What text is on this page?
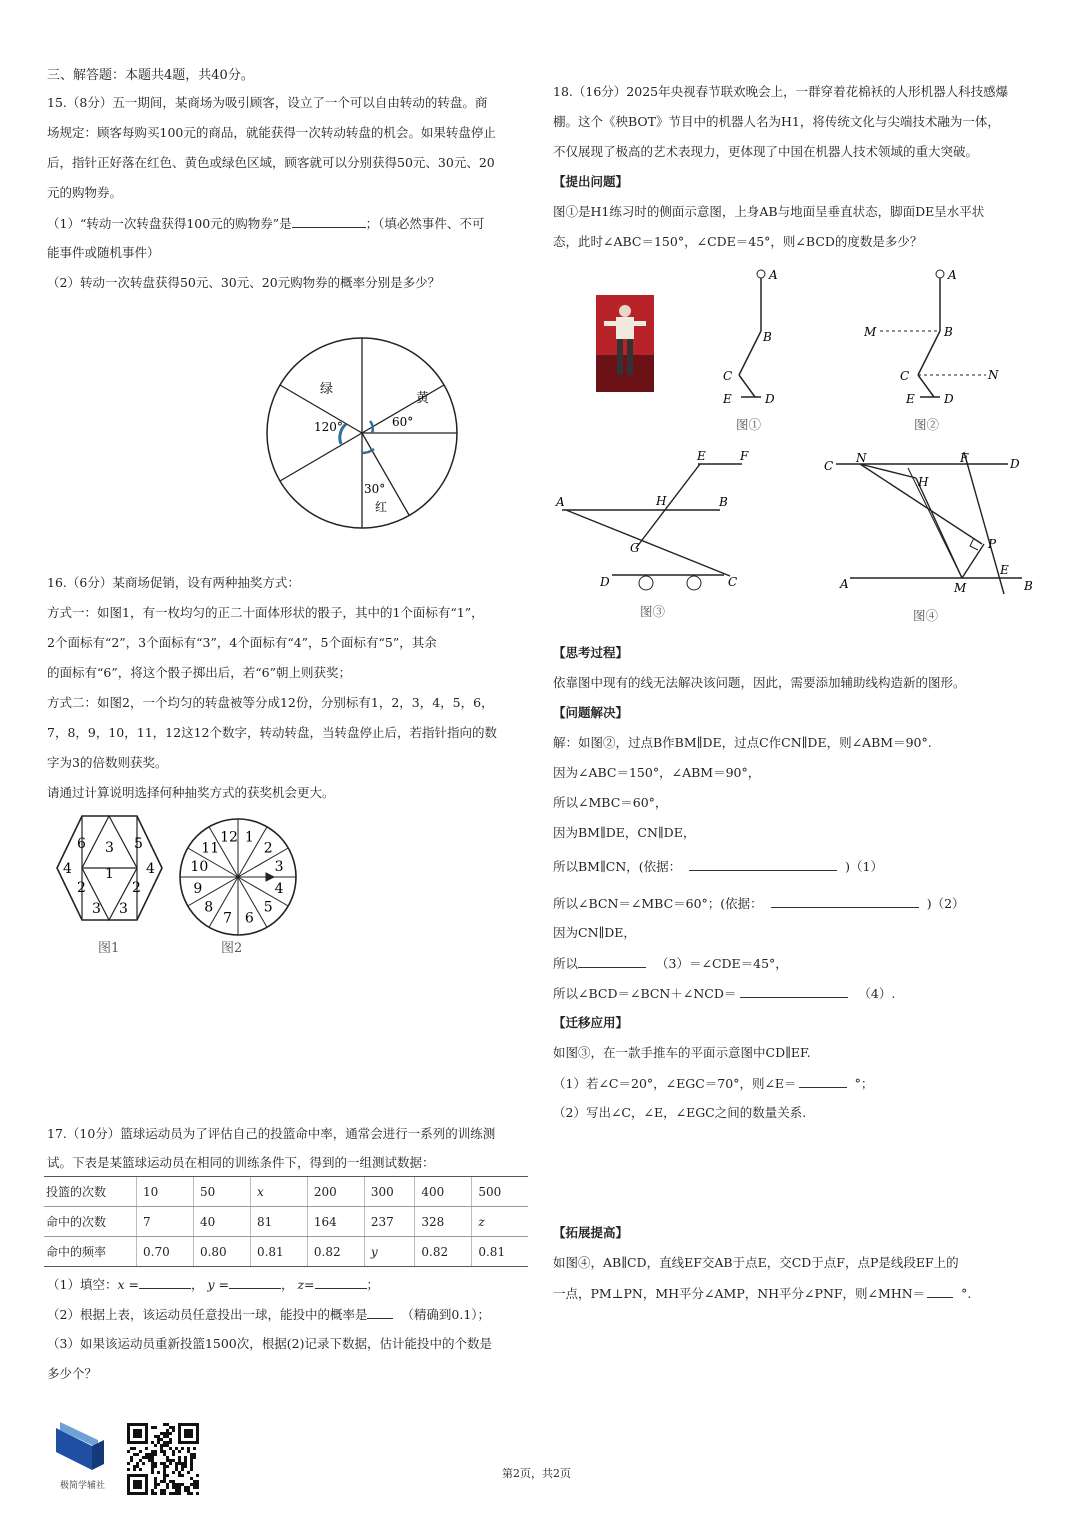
三、解答题：本题共4题，共40分。
15.（8分）五一期间，某商场为吸引顾客，设立了一个可以自由转动的转盘。商
场规定：顾客每购买100元的商品，就能获得一次转动转盘的机会。如果转盘停止
后，指针正好落在红色、黄色或绿色区域，顾客就可以分别获得50元、30元、20
元的购物券。
（1）“转动一次转盘获得100元的购物券”是	；（填必然事件、不可
能事件或随机事件）
（2）转动一次转盘获得50元、30元、20元购物券的概率分别是多少？
绿
黄
120°	60°
30°
红
16.（6分）某商场促销，设有两种抽奖方式：
方式一：如图1，有一枚均匀的正二十面体形状的骰子，其中的1个面标有“1”，
2个面标有“2”，3个面标有“3”，4个面标有“4”，5个面标有“5”，其余
的面标有“6”，将这个骰子掷出后，若“6”朝上则获奖；
方式二：如图2，一个均匀的转盘被等分成12份，分别标有1，2，3，4，5，6，
7，8，9，10，11，12这12个数字，转动转盘，当转盘停止后，若指针指向的数
字为3的倍数则获奖。
请通过计算说明选择何种抽奖方式的获奖机会更大。
6 3 5
4 1 4
2	2
3 3
图1
1
2
3
4
5
6
7
8
9
10
11
12
图2
17.（10分）篮球运动员为了评估自己的投篮命中率，通常会进行一系列的训练测
试。下表是某篮球运动员在相同的训练条件下，得到的一组测试数据：
投篮的次数	10	50	x	200	300	400	500
命中的次数	7	40	81	164	237	328	z
命中的频率	0.70	0.80	0.81	0.82	y	0.82	0.81
（1）填空：x =	， y =	， z=	；
（2）根据上表，该运动员任意投出一球，能投中的概率是	（精确到0.1）；
（3）如果该运动员重新投篮1500次，根据(2)记录下数据，估计能投中的个数是
多少个？
18.（16分）2025年央视春节联欢晚会上，一群穿着花棉袄的人形机器人科技感爆
棚。这个《秧BOT》节目中的机器人名为H1，将传统文化与尖端技术融为一体，
不仅展现了极高的艺术表现力，更体现了中国在机器人技术领域的重大突破。
【提出问题】
图①是H1练习时的侧面示意图，上身AB与地面呈垂直状态，脚面DE呈水平状
态，此时∠ABC＝150°，∠CDE＝45°，则∠BCD的度数是多少？
A
B
C
E	D
图①
A
B
M
C	N
E D
图②
E	F
A	H	B
G
D	C
图③
C
N	F	D
H
P
E
A	M	B
图④
【思考过程】
依靠图中现有的线无法解决该问题，因此，需要添加辅助线构造新的图形。
【问题解决】
解：如图②，过点B作BM∥DE，过点C作CN∥DE，则∠ABM＝90°.
因为∠ABC＝150°，∠ABM＝90°，
所以∠MBC＝60°，
因为BM∥DE，CN∥DE，
所以BM∥CN，(依据：	)（1）
所以∠BCN＝∠MBC＝60°；(依据：	)（2）
因为CN∥DE，
所以	（3）＝∠CDE＝45°，
所以∠BCD＝∠BCN＋∠NCD＝	（4）.
【迁移应用】
如图③，在一款手推车的平面示意图中CD∥EF.
（1）若∠C＝20°，∠EGC＝70°，则∠E＝	°；
（2）写出∠C，∠E，∠EGC之间的数量关系.
【拓展提高】
如图④，AB∥CD，直线EF交AB于点E，交CD于点F，点P是线段EF上的
一点，PM⊥PN，MH平分∠AMP，NH平分∠PNF，则∠MHN＝	°.
极简学辅社
第2页，共2页
